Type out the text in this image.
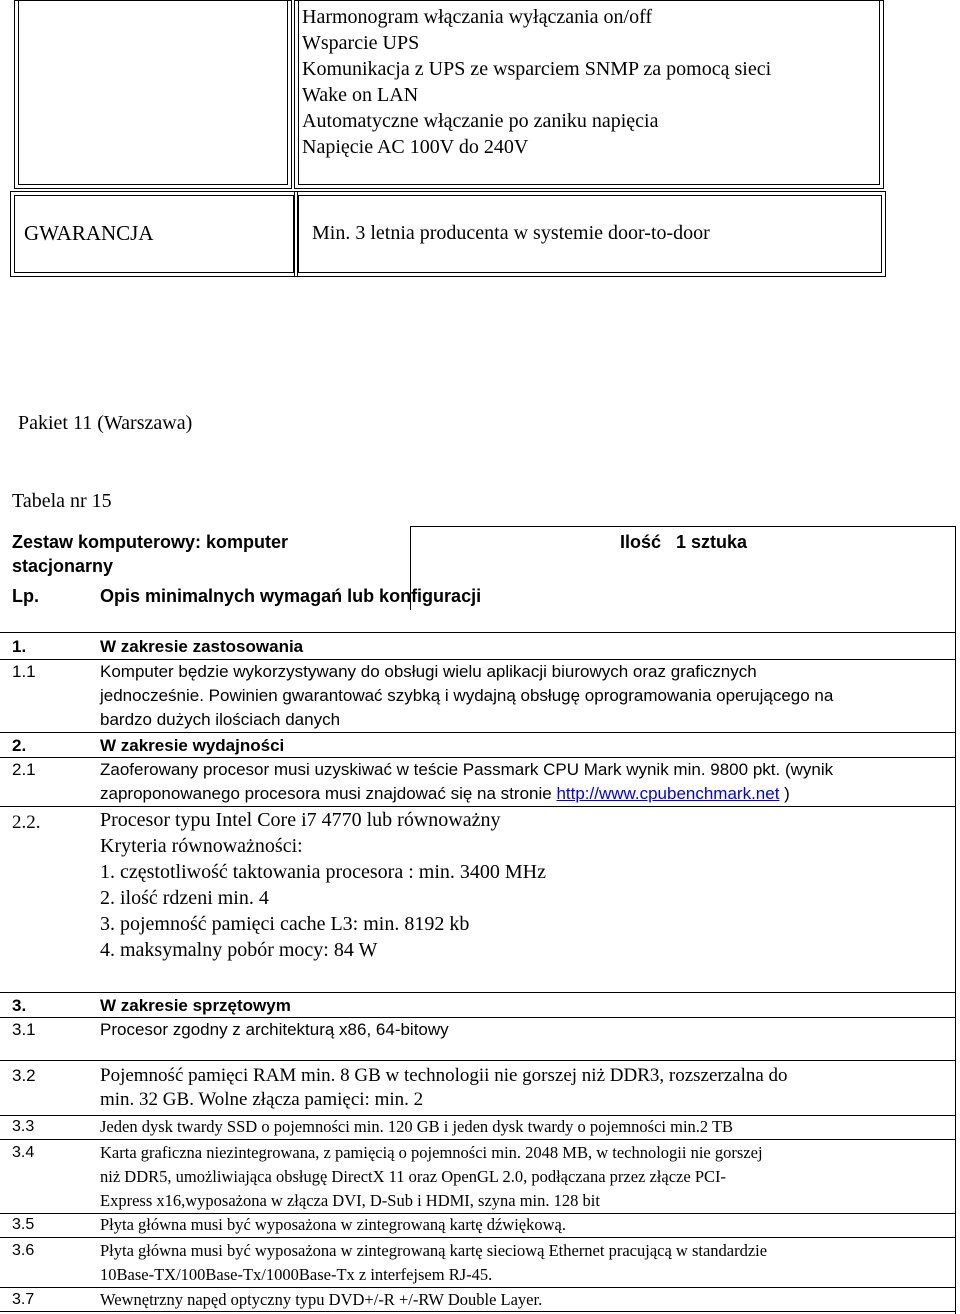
Harmonogram włączania wyłączania on/off
Wsparcie UPS
Komunikacja z UPS ze wsparciem SNMP za pomocą sieci
Wake on LAN
Automatyczne włączanie po zaniku napięcia
Napięcie AC 100V do 240V
GWARANCJA	Min. 3 letnia producenta w systemie door-to-door
Pakiet 11 (Warszawa)
Tabela nr 15
Zestaw komputerowy: komputer
stacjonarny
Ilość   1 sztuka
Lp.	Opis minimalnych wymagań lub konfiguracji
1.	W zakresie zastosowania
1.1	Komputer będzie wykorzystywany do obsługi wielu aplikacji biurowych oraz graficznych
jednocześnie. Powinien gwarantować szybką i wydajną obsługę oprogramowania operującego na
bardzo dużych ilościach danych
2.	W zakresie wydajności
2.1	Zaoferowany procesor musi uzyskiwać w teście Passmark CPU Mark wynik min. 9800 pkt. (wynik
zaproponowanego procesora musi znajdować się na stronie http://www.cpubenchmark.net )
2.2.	Procesor typu Intel Core i7 4770 lub równoważny
Kryteria równoważności:
1. częstotliwość taktowania procesora : min. 3400 MHz
2. ilość rdzeni min. 4
3. pojemność pamięci cache L3: min. 8192 kb
4. maksymalny pobór mocy: 84 W
3.	W zakresie sprzętowym
3.1	Procesor zgodny z architekturą x86, 64-bitowy
3.2	Pojemność pamięci RAM min. 8 GB w technologii nie gorszej niż DDR3, rozszerzalna do
min. 32 GB. Wolne złącza pamięci: min. 2
3.3	Jeden dysk twardy SSD o pojemności min. 120 GB i jeden dysk twardy o pojemności min.2 TB
3.4	Karta graficzna niezintegrowana, z pamięcią o pojemności min. 2048 MB, w technologii nie gorszej
niż DDR5, umożliwiająca obsługę DirectX 11 oraz OpenGL 2.0, podłączana przez złącze PCI-
Express x16,wyposażona w złącza DVI, D-Sub i HDMI, szyna min. 128 bit
3.5	Płyta główna musi być wyposażona w zintegrowaną kartę dźwiękową.
3.6	Płyta główna musi być wyposażona w zintegrowaną kartę sieciową Ethernet pracującą w standardzie
10Base-TX/100Base-Tx/1000Base-Tx z interfejsem RJ-45.
3.7	Wewnętrzny napęd optyczny typu DVD+/-R +/-RW Double Layer.
